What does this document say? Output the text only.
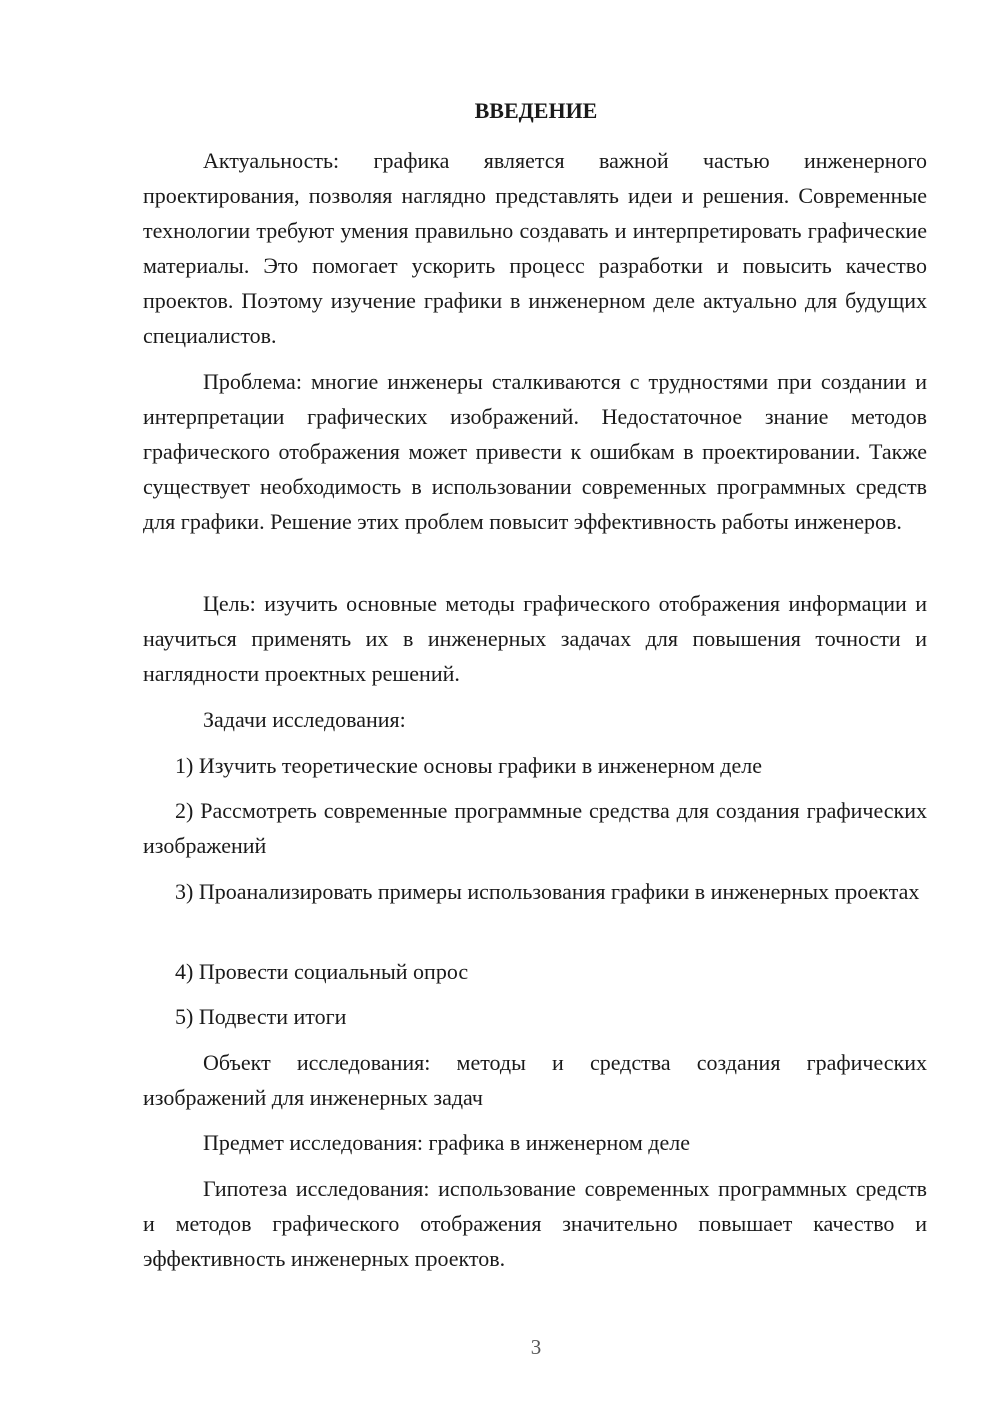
ВВЕДЕНИЕ

Актуальность: графика является важной частью инженерного проектирования, позволяя наглядно представлять идеи и решения. Современные технологии требуют умения правильно создавать и интерпретировать графические материалы. Это помогает ускорить процесс разработки и повысить качество проектов. Поэтому изучение графики в инженерном деле актуально для будущих специалистов.

Проблема: многие инженеры сталкиваются с трудностями при создании и интерпретации графических изображений. Недостаточное знание методов графического отображения может привести к ошибкам в проектировании. Также существует необходимость в использовании современных программных средств для графики. Решение этих проблем повысит эффективность работы инженеров.

Цель: изучить основные методы графического отображения информации и научиться применять их в инженерных задачах для повышения точности и наглядности проектных решений.

Задачи исследования:

1) Изучить теоретические основы графики в инженерном деле

2) Рассмотреть современные программные средства для создания графических изображений

3) Проанализировать примеры использования графики в инженерных проектах

4) Провести социальный опрос

5) Подвести итоги

Объект исследования: методы и средства создания графических изображений для инженерных задач

Предмет исследования: графика в инженерном деле

Гипотеза исследования: использование современных программных средств и методов графического отображения значительно повышает качество и эффективность инженерных проектов.

3
